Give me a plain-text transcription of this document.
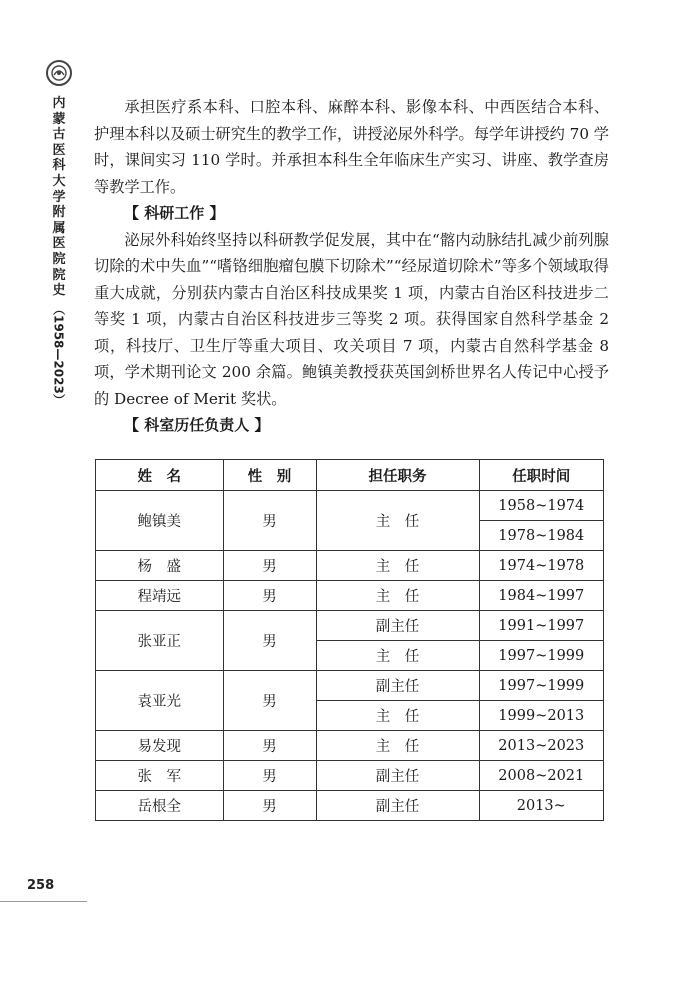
内蒙古医科大学附属医院院史
（1958—2023）

承担医疗系本科、口腔本科、麻醉本科、影像本科、中西医结合本科、护理本科以及硕士研究生的教学工作，讲授泌尿外科学。每学年讲授约 70 学时，课间实习 110 学时。并承担本科生全年临床生产实习、讲座、教学查房等教学工作。

【 科研工作 】

泌尿外科始终坚持以科研教学促发展，其中在“髂内动脉结扎减少前列腺切除的术中失血”“嗜铬细胞瘤包膜下切除术”“经尿道切除术”等多个领域取得重大成就，分别获内蒙古自治区科技成果奖 1 项，内蒙古自治区科技进步二等奖 1 项，内蒙古自治区科技进步三等奖 2 项。获得国家自然科学基金 2 项，科技厅、卫生厅等重大项目、攻关项目 7 项，内蒙古自然科学基金 8 项，学术期刊论文 200 余篇。鲍镇美教授获英国剑桥世界名人传记中心授予的 Decree of Merit 奖状。

【 科室历任负责人 】

姓　名	性　别	担任职务	任职时间
鲍镇美	男	主　任	1958~1974
			1978~1984
杨　盛	男	主　任	1974~1978
程靖远	男	主　任	1984~1997
张亚正	男	副主任	1991~1997
		主　任	1997~1999
袁亚光	男	副主任	1997~1999
		主　任	1999~2013
易发现	男	主　任	2013~2023
张　军	男	副主任	2008~2021
岳根全	男	副主任	2013~
258
